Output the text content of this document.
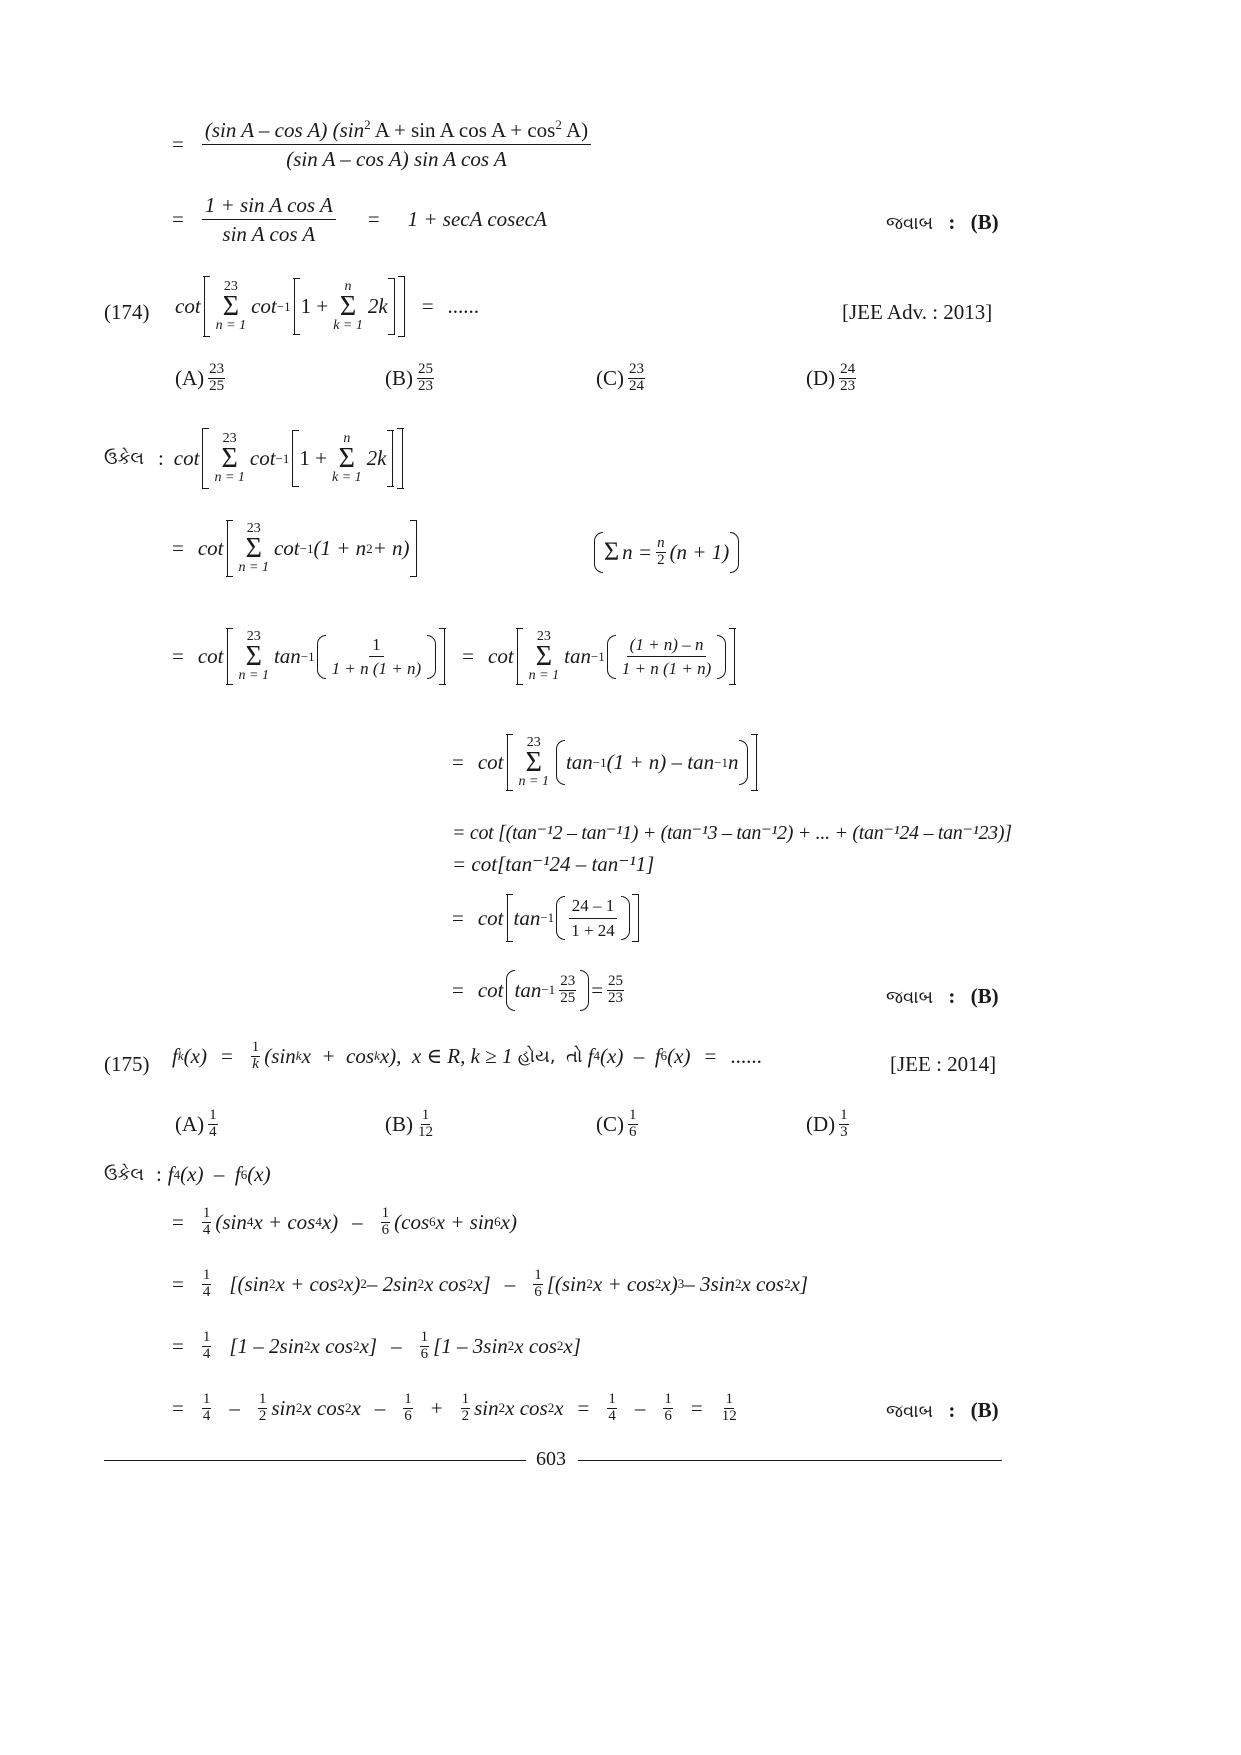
= $\frac{(\sin A - \cos A) (\sin^2 A + \sin A \cos A + \cos^2 A)}{\text{(sin A – cos A) sin A cos A}}$
= $\frac{\text{1 + sin A cos A}}{\text{sin A cos A}} = 1 + \sec A$ cosecA	જવાબ : (B)
(174) cot
23
Σ
n = 1
cot −1 1 +
n
Σ
k = 1
2k = ......	[JEE Adv. : 2013]
$(A) \frac{23}{25}$	$(B) \frac{25}{23}$	$(C) \frac{23}{24}$	$(D) \frac{24}{23}$
ઉકેલ : cot
23
Σ
n = 1
cot −1 1 +
n
Σ
k = 1
2k
= cot
23
Σ
n = 1
cot −1 (1 + n 2 + n)	Σ $n = \frac{n}{2} (n + 1)$
= cot
23
Σ
n = 1
$\tan -1 \frac{1}{1 + n (1 + n)} = \cot$
23
Σ
n = 1
$\tan -1 \frac{(1 + n) - n}{1 + n (1 + n)}$
= cot
23
Σ
n = 1
tan −1 (1 + n) – tan −1 n
= cot [(tan⁻¹2 – tan⁻¹1) + (tan⁻¹3 – tan⁻¹2) + ... + (tan⁻¹24 – tan⁻¹23)]
= cot[tan⁻¹24 – tan⁻¹1]
= $\cot \tan -1 \frac{24 - 1}{1 + 24}$
= $\cot \tan -1 \frac{23}{25} = \frac{25}{23}$	જવાબ : (B)
(175) f k $(x) = \frac{1}{k} (\sin$ k x  +  cos k x),  x ∈
R, k ≥ 1
હોય,
તો
f 4 (x)  –  f 6 (x) = ......	[JEE : 2014]
$(A) \frac{1}{4}$	$(B) \frac{1}{12}$	$(C) \frac{1}{6}$	$(D) \frac{1}{3}$
ઉકેલ : f 4 (x)  –  f 6 (x)
= $\frac{1}{4} (\sin$ 4 x + cos 4 $x) - \frac{1}{6} (\cos$ 6 x + sin 6 x)
= $\frac{1}{4} [(\sin$ 2 x + cos 2 x) 2 – 2sin 2 x cos 2 $x] - \frac{1}{6} [(\sin$ 2 x + cos 2 x) 3 – 3sin 2 x cos 2 x]
= $\frac{1}{4} [1 - 2\sin$ 2 x cos 2 $x] - \frac{1}{6} [1 - 3\sin$ 2 x cos 2 x]
= $\frac{1}{4} - \frac{1}{2}$ sin 2 x cos 2 $x - \frac{1}{6} + \frac{1}{2}$ sin 2 x cos 2 $x = \frac{1}{4} - \frac{1}{6} = \frac{1}{12}$	જવાબ : (B)
603
